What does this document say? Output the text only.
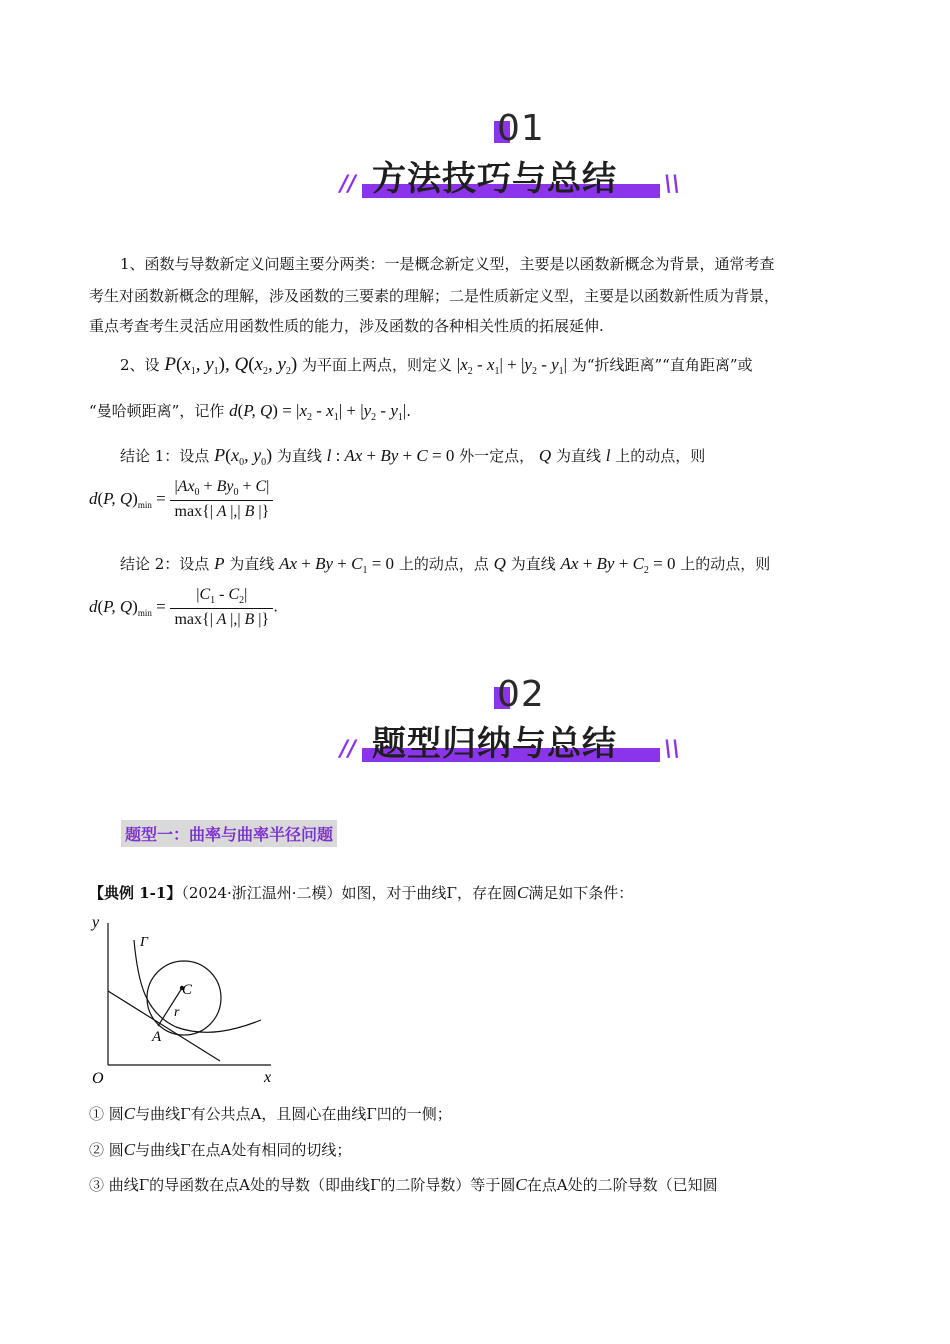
01
//	\\
方法技巧与总结
1、函数与导数新定义问题主要分两类：一是概念新定义型，主要是以函数新概念为背景，通常考查
考生对函数新概念的理解，涉及函数的三要素的理解；二是性质新定义型，主要是以函数新性质为背景，
重点考查考生灵活应用函数性质的能力，涉及函数的各种相关性质的拓展延伸.
2、设 $P(x_1$, $y_1$), $Q(x_2$, $y_2$) 为平面上两点，则定义 $|x_2 - x_1| + |y_2 - y_1|$ 为“折线距离”“直角距离”或
“曼哈顿距离”，记作 d(P, $Q) = |x_2 - x_1| + |y_2 - y_1|$.
结论 1：设点 $P(x_0$, $y_0$) 为直线 l : Ax + By + C = 0 外一定点， Q 为直线 l 上的动点，则
d(P, $Q)_{min} = \frac{|Ax_0 + By_0 + C|}{\max\{| A |,| B |\}}$
结论 2：设点 P 为直线 $Ax + By + C_1 = 0$ 上的动点，点 Q 为直线 $Ax + By + C_2 = 0$ 上的动点，则
d(P, $Q)_{min} = \frac{|C_1 - C_2|}{\max\{| A |,| B |\}}$ .
02
//	\\
题型归纳与总结
题型一：曲率与曲率半径问题
【典例 1-1】（2024·浙江温州·二模）如图，对于曲线Γ，存在圆C满足如下条件：
y
x
O
Γ
C
r
A
① 圆C与曲线Γ有公共点A，且圆心在曲线Γ凹的一侧；
② 圆C与曲线Γ在点A处有相同的切线；
③ 曲线Γ的导函数在点A处的导数（即曲线Γ的二阶导数）等于圆C在点A处的二阶导数（已知圆
